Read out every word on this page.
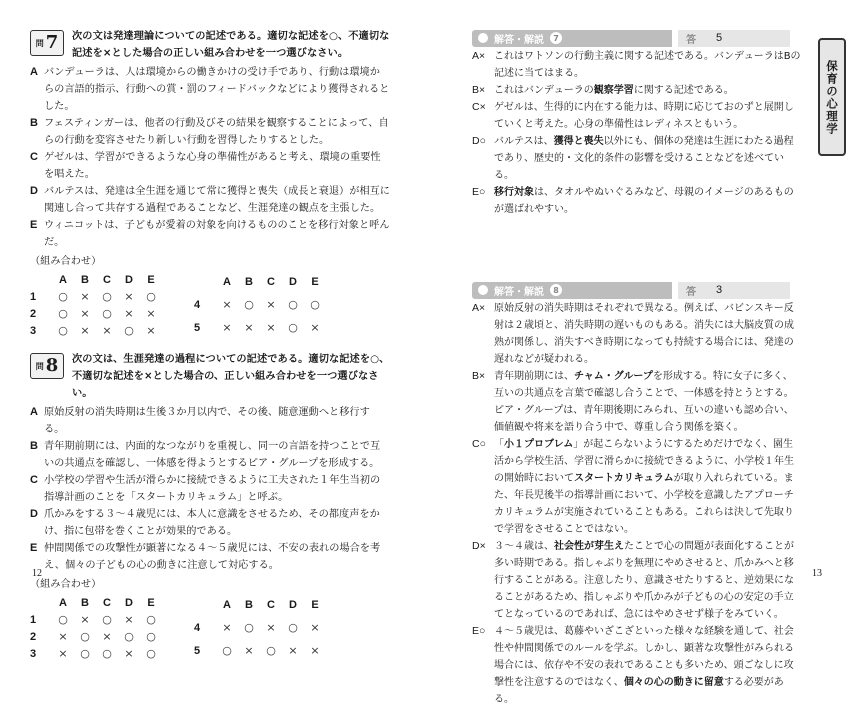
問 7 次の文は発達理論についての記述である。適切な記述を○、不適切な記述を×とした場合の正しい組み合わせを一つ選びなさい。
A バンデューラは、人は環境からの働きかけの受け手であり、行動は環境からの言語的指示、行動への賞・罰のフィードバックなどにより獲得されるとした。
B フェスティンガーは、他者の行動及びその結果を観察することによって、自らの行動を変容させたり新しい行動を習得したりするとした。
C ゲゼルは、学習ができるような心身の準備性があると考え、環境の重要性を唱えた。
D バルテスは、発達は全生涯を通じて常に獲得と喪失（成長と衰退）が相互に関連し合って共存する過程であることなど、生涯発達の観点を主張した。
E ウィニコットは、子どもが愛着の対象を向けるもののことを移行対象と呼んだ。
（組み合わせ）
	A	B	C	D	E
1	○	×	○	×	○
2	○	×	○	×	×
3	○	×	×	○	×
	A	B	C	D	E
4	×	○	×	○	○
5	×	×	×	○	×
問 8 次の文は、生涯発達の過程についての記述である。適切な記述を○、不適切な記述を×とした場合の、正しい組み合わせを一つ選びなさい。
A 原始反射の消失時期は生後３か月以内で、その後、随意運動へと移行する。
B 青年期前期には、内面的なつながりを重視し、同一の言語を持つことで互いの共通点を確認し、一体感を得ようとするピア・グループを形成する。
C 小学校の学習や生活が滑らかに接続できるように工夫された１年生当初の指導計画のことを「スタートカリキュラム」と呼ぶ。
D 爪かみをする３～４歳児には、本人に意識をさせるため、その都度声をかけ、指に包帯を巻くことが効果的である。
E 仲間関係での攻撃性が顕著になる４～５歳児には、不安の表れの場合を考え、個々の子どもの心の動きに注意して対応する。
（組み合わせ）
	A	B	C	D	E
1	○	×	○	×	○
2	×	○	×	○	○
3	×	○	○	×	○
	A	B	C	D	E
4	×	○	×	○	×
5	○	×	○	×	×
12
解答・解説	7	答 5
A× これはワトソンの行動主義に関する記述である。バンデューラはBの記述に当てはまる。
B× これはバンデューラの観察学習に関する記述である。
C× ゲゼルは、生得的に内在する能力は、時期に応じておのずと展開していくと考えた。心身の準備性はレディネスともいう。
D○ バルテスは、獲得と喪失以外にも、個体の発達は生涯にわたる過程であり、歴史的・文化的条件の影響を受けることなどを述べている。
E○ 移行対象は、タオルやぬいぐるみなど、母親のイメージのあるものが選ばれやすい。
解答・解説	8	答 3
A× 原始反射の消失時期はそれぞれで異なる。例えば、バビンスキー反射は２歳頃と、消失時期の遅いものもある。消失には大脳皮質の成熟が関係し、消失すべき時期になっても持続する場合には、発達の遅れなどが疑われる。
B× 青年期前期には、チャム・グループを形成する。特に女子に多く、互いの共通点を言葉で確認し合うことで、一体感を持とうとする。ピア・グループは、青年期後期にみられ、互いの違いも認め合い、価値観や将来を語り合う中で、尊重し合う関係を築く。
C○ 「小１プロブレム」が起こらないようにするためだけでなく、園生活から学校生活、学習に滑らかに接続できるように、小学校１年生の開始時においてスタートカリキュラムが取り入れられている。また、年長児後半の指導計画において、小学校を意識したアプローチカリキュラムが実施されていることもある。これらは決して先取りで学習をさせることではない。
D× ３～４歳は、社会性が芽生えたことで心の問題が表面化することが多い時期である。指しゃぶりを無理にやめさせると、爪かみへと移行することがある。注意したり、意識させたりすると、逆効果になることがあるため、指しゃぶりや爪かみが子どもの心の安定の手立てとなっているのであれば、急にはやめさせず様子をみていく。
E○ ４～５歳児は、葛藤やいざこざといった様々な経験を通して、社会性や仲間関係でのルールを学ぶ。しかし、顕著な攻撃性がみられる場合には、依存や不安の表れであることも多いため、頭ごなしに攻撃性を注意するのではなく、個々の心の動きに留意する必要がある。
保育の心理学
13
